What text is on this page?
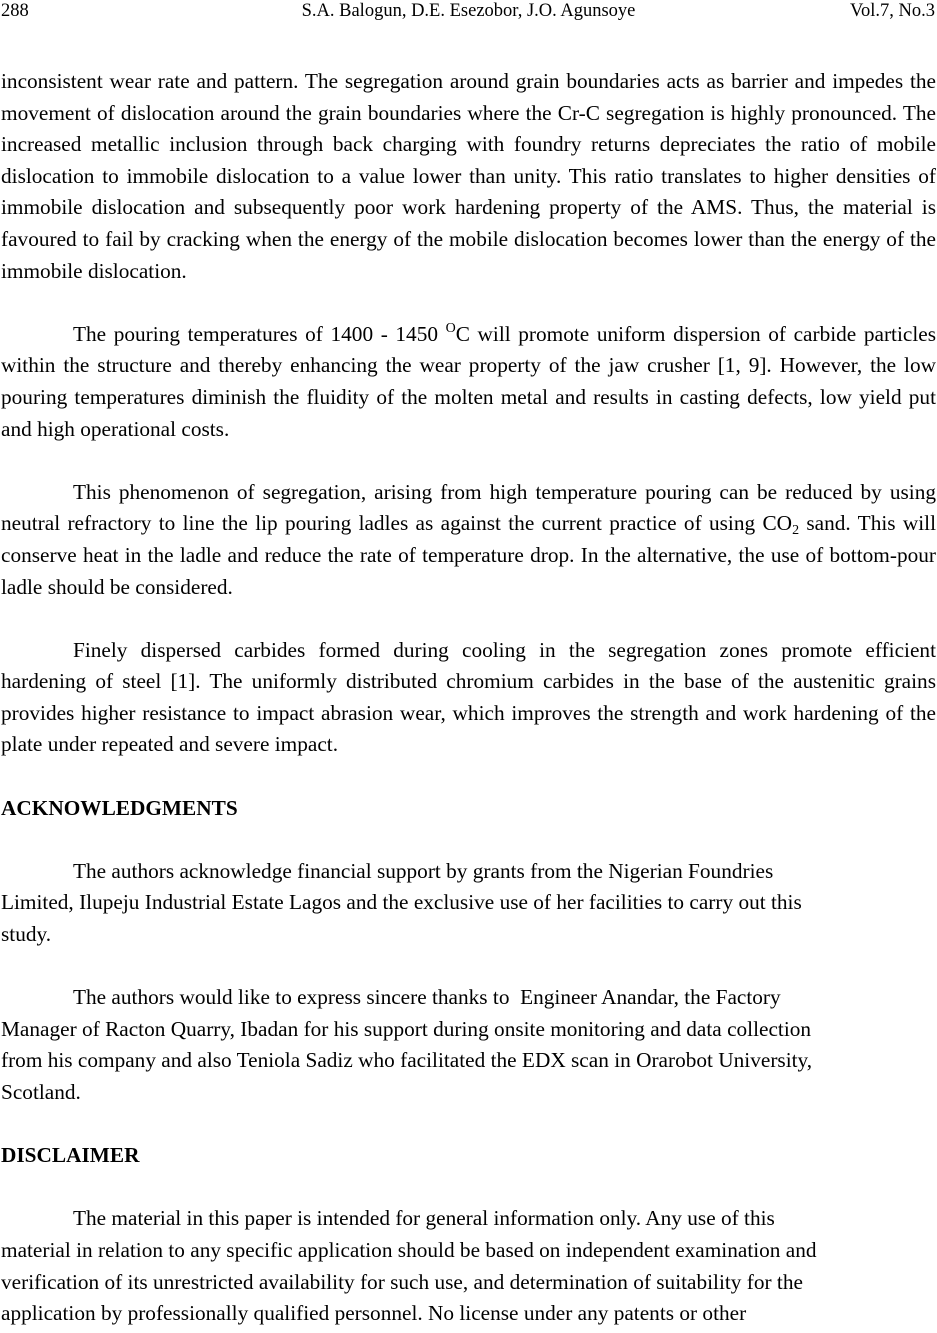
288	S.A. Balogun, D.E. Esezobor, J.O. Agunsoye	Vol.7, No.3

inconsistent wear rate and pattern. The segregation around grain boundaries acts as barrier and impedes the movement of dislocation around the grain boundaries where the Cr-C segregation is highly pronounced. The increased metallic inclusion through back charging with foundry returns depreciates the ratio of mobile dislocation to immobile dislocation to a value lower than unity. This ratio translates to higher densities of immobile dislocation and subsequently poor work hardening property of the AMS. Thus, the material is favoured to fail by cracking when the energy of the mobile dislocation becomes lower than the energy of the immobile dislocation.

The pouring temperatures of 1400 - 1450 $^O$C will promote uniform dispersion of carbide particles within the structure and thereby enhancing the wear property of the jaw crusher [1, 9]. However, the low pouring temperatures diminish the fluidity of the molten metal and results in casting defects, low yield put and high operational costs.

This phenomenon of segregation, arising from high temperature pouring can be reduced by using neutral refractory to line the lip pouring ladles as against the current practice of using $CO_2$ sand. This will conserve heat in the ladle and reduce the rate of temperature drop. In the alternative, the use of bottom-pour ladle should be considered.

Finely dispersed carbides formed during cooling in the segregation zones promote efficient hardening of steel [1]. The uniformly distributed chromium carbides in the base of the austenitic grains provides higher resistance to impact abrasion wear, which improves the strength and work hardening of the plate under repeated and severe impact.

ACKNOWLEDGMENTS
The authors acknowledge financial support by grants from the Nigerian Foundries
Limited, Ilupeju Industrial Estate Lagos and the exclusive use of her facilities to carry out this
study.
The authors would like to express sincere thanks to  Engineer Anandar, the Factory
Manager of Racton Quarry, Ibadan for his support during onsite monitoring and data collection
from his company and also Teniola Sadiz who facilitated the EDX scan in Orarobot University,
Scotland.
DISCLAIMER
The material in this paper is intended for general information only. Any use of this
material in relation to any specific application should be based on independent examination and
verification of its unrestricted availability for such use, and determination of suitability for the
application by professionally qualified personnel. No license under any patents or other
